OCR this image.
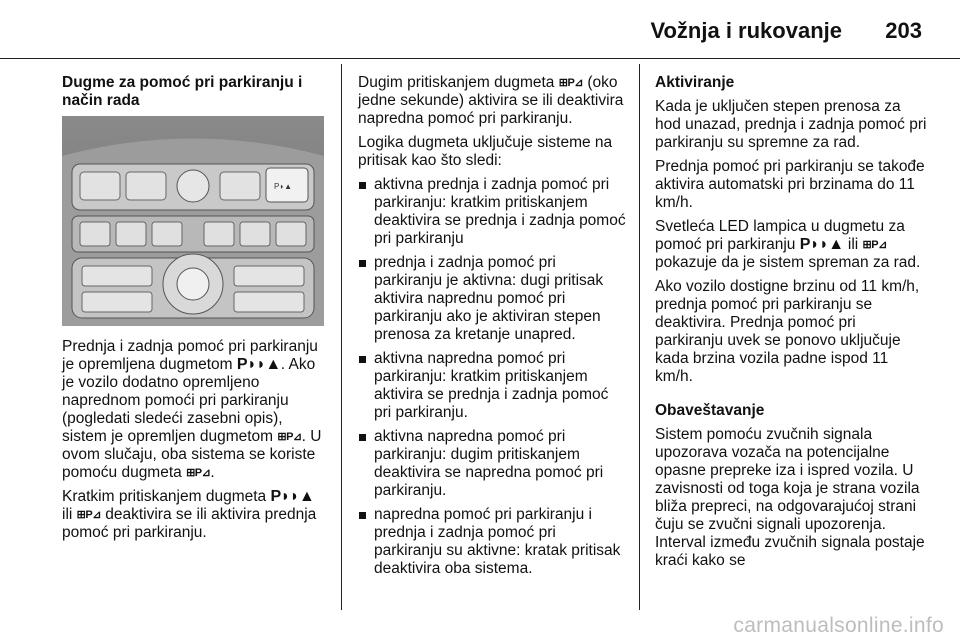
Vožnja i rukovanje 203

Dugme za pomoć pri parkiranju i način rada

P◗▲

Prednja i zadnja pomoć pri parkiranju je opremljena dugmetom P◗◗▲. Ako je vozilo dodatno opremljeno naprednom pomoći pri parkiranju (pogledati sledeći zasebni opis), sistem je opremljen dugmetom ⊞P⊿. U ovom slučaju, oba sistema se koriste pomoću dugmeta ⊞P⊿.

Kratkim pritiskanjem dugmeta P◗◗▲ ili ⊞P⊿ deaktivira se ili aktivira prednja pomoć pri parkiranju.

Dugim pritiskanjem dugmeta ⊞P⊿ (oko jedne sekunde) aktivira se ili deaktivira napredna pomoć pri parkiranju.

Logika dugmeta uključuje sisteme na pritisak kao što sledi:

aktivna prednja i zadnja pomoć pri parkiranju: kratkim pritiskanjem deaktivira se prednja i zadnja pomoć pri parkiranju
prednja i zadnja pomoć pri parkiranju je aktivna: dugi pritisak aktivira naprednu pomoć pri parkiranju ako je aktiviran stepen prenosa za kretanje unapred.
aktivna napredna pomoć pri parkiranju: kratkim pritiskanjem aktivira se prednja i zadnja pomoć pri parkiranju.
aktivna napredna pomoć pri parkiranju: dugim pritiskanjem deaktivira se napredna pomoć pri parkiranju.
napredna pomoć pri parkiranju i prednja i zadnja pomoć pri parkiranju su aktivne: kratak pritisak deaktivira oba sistema.

Aktiviranje

Kada je uključen stepen prenosa za hod unazad, prednja i zadnja pomoć pri parkiranju su spremne za rad.

Prednja pomoć pri parkiranju se takođe aktivira automatski pri brzinama do 11 km/h.

Svetleća LED lampica u dugmetu za pomoć pri parkiranju P◗◗▲ ili ⊞P⊿ pokazuje da je sistem spreman za rad.

Ako vozilo dostigne brzinu od 11 km/h, prednja pomoć pri parkiranju se deaktivira. Prednja pomoć pri parkiranju uvek se ponovo uključuje kada brzina vozila padne ispod 11 km/h.

Obaveštavanje

Sistem pomoću zvučnih signala upozorava vozača na potencijalne opasne prepreke iza i ispred vozila. U zavisnosti od toga koja je strana vozila bliža prepreci, na odgovarajućoj strani čuju se zvučni signali upozorenja. Interval između zvučnih signala postaje kraći kako se

carmanualsonline.info
